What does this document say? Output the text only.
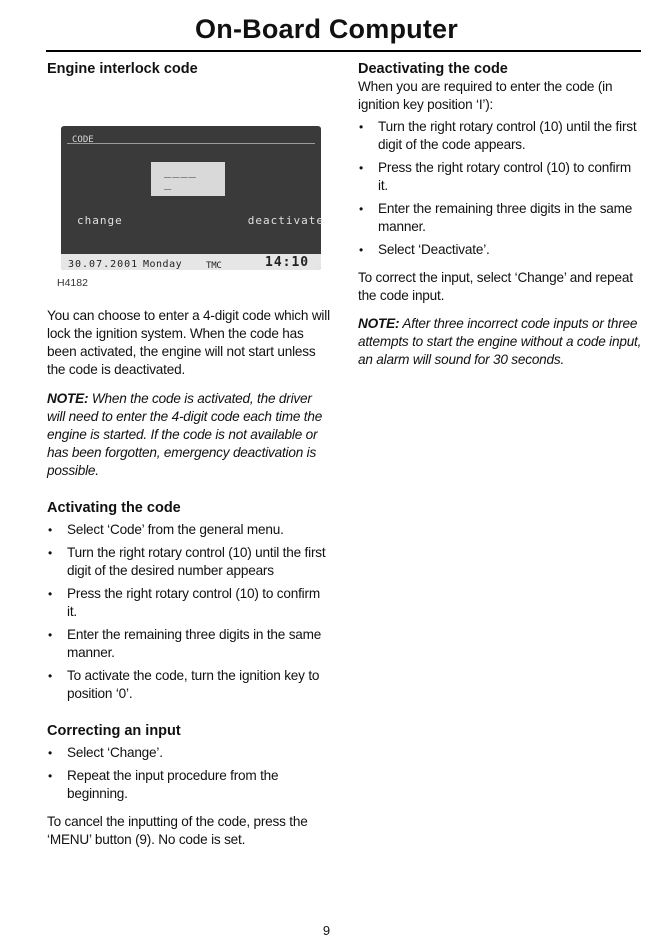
On-Board Computer
Engine interlock code
CODE
____
_
change	deactivate
30.07.2001 Monday	TMC	14:10
H4182

You can choose to enter a 4-digit code which will lock the ignition system. When the code has been activated, the engine will not start unless the code is deactivated.

NOTE: When the code is activated, the driver will need to enter the 4-digit code each time the engine is started. If the code is not available or has been forgotten, emergency deactivation is possible.

Activating the code
• Select ‘Code’ from the general menu.
• Turn the right rotary control (10) until the first digit of the desired number appears
• Press the right rotary control (10) to confirm it.
• Enter the remaining three digits in the same manner.
• To activate the code, turn the ignition key to position ‘0’.
Correcting an input
• Select ‘Change’.
• Repeat the input procedure from the beginning.

To cancel the inputting of the code, press the ‘MENU’ button (9). No code is set.

Deactivating the code

When you are required to enter the code (in ignition key position ‘I’):

• Turn the right rotary control (10) until the first digit of the code appears.
• Press the right rotary control (10) to confirm it.
• Enter the remaining three digits in the same manner.
• Select ‘Deactivate’.

To correct the input, select ‘Change’ and repeat the code input.

NOTE: After three incorrect code inputs or three attempts to start the engine without a code input, an alarm will sound for 30 seconds.

9
